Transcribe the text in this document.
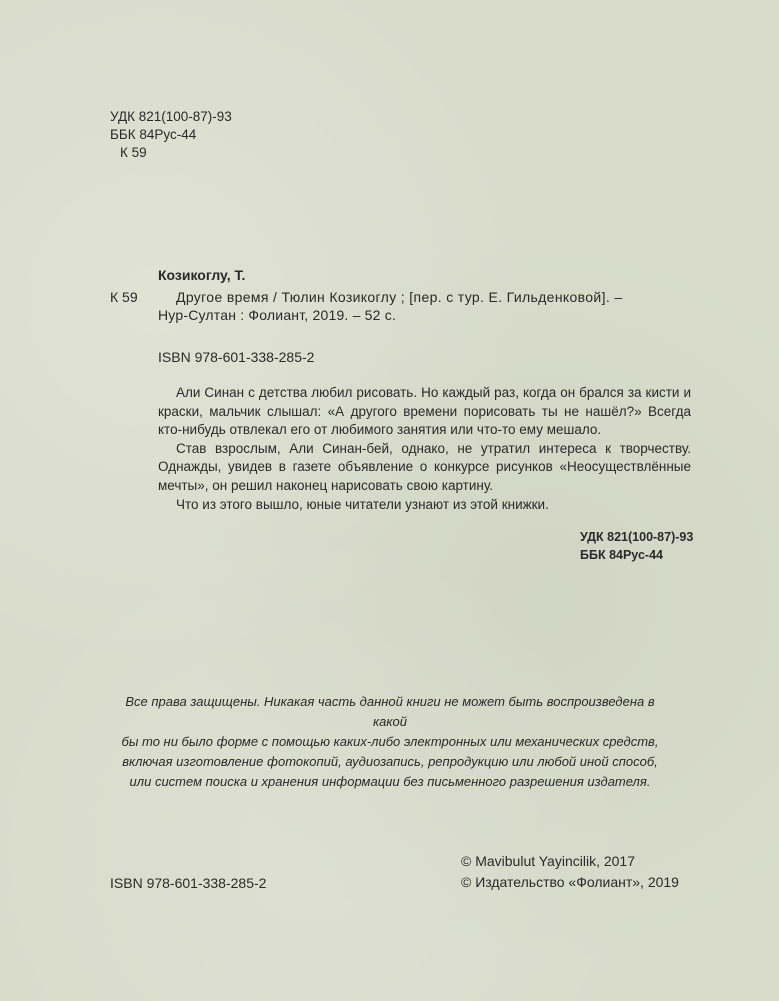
УДК 821(100-87)-93
ББК 84Рус-44
К 59
Козикоглу, Т.
К 59	Другое время / Тюлин Козикоглу ; [пер. с тур. Е. Гильденковой]. –
Нур-Султан : Фолиант, 2019. – 52 с.
ISBN 978-601-338-285-2

Али Синан с детства любил рисовать. Но каждый раз, когда он брался за кисти и краски, мальчик слышал: «А другого времени порисовать ты не нашёл?» Всегда кто-нибудь отвлекал его от любимого занятия или что-то ему мешало.

Став взрослым, Али Синан-бей, однако, не утратил интереса к творчеству. Однажды, увидев в газете объявление о конкурсе рисунков «Неосуществлённые мечты», он решил наконец нарисовать свою картину.

Что из этого вышло, юные читатели узнают из этой книжки.

УДК 821(100-87)-93
ББК 84Рус-44
Все права защищены. Никакая часть данной книги не может быть воспроизведена в какой
бы то ни было форме с помощью каких-либо электронных или механических средств,
включая изготовление фотокопий, аудиозапись, репродукцию или любой иной способ,
или систем поиска и хранения информации без письменного разрешения издателя.
© Mavibulut Yayincilik, 2017
© Издательство «Фолиант», 2019
ISBN 978-601-338-285-2
